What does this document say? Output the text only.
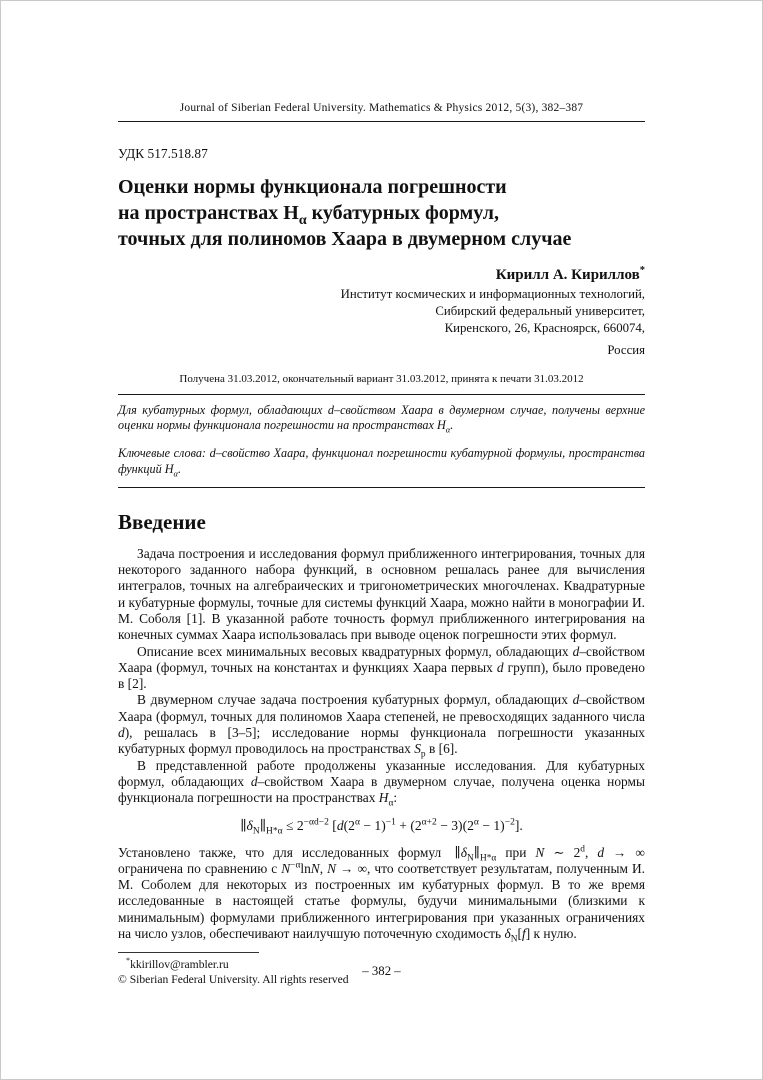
Journal of Siberian Federal University. Mathematics & Physics 2012, 5(3), 382–387
УДК 517.518.87
Оценки нормы функционала погрешности
на пространствах $H_\alpha$ кубатурных формул,
точных для полиномов Хаара в двумерном случае
Кирилл А. Кириллов*
Институт космических и информационных технологий,
Сибирский федеральный университет,
Киренского, 26, Красноярск, 660074,
Россия
Получена 31.03.2012, окончательный вариант 31.03.2012, принята к печати 31.03.2012
Для кубатурных формул, обладающих d–свойством Хаара в двумерном случае, получены верхние оценки нормы функционала погрешности на пространствах $H_\alpha$.
Ключевые слова: d–свойство Хаара, функционал погрешности кубатурной формулы, пространства функций $H_\alpha$.
Введение

Задача построения и исследования формул приближенного интегрирования, точных для некоторого заданного набора функций, в основном решалась ранее для вычисления интегралов, точных на алгебраических и тригонометрических многочленах. Квадратурные и кубатурные формулы, точные для системы функций Хаара, можно найти в монографии И. М. Соболя [1]. В указанной работе точность формул приближенного интегрирования на конечных суммах Хаара использовалась при выводе оценок погрешности этих формул.

Описание всех минимальных весовых квадратурных формул, обладающих d–свойством Хаара (формул, точных на константах и функциях Хаара первых d групп), было проведено в [2].

В двумерном случае задача построения кубатурных формул, обладающих d–свойством Хаара (формул, точных для полиномов Хаара степеней, не превосходящих заданного числа d), решалась в [3–5]; исследование нормы функционала погрешности указанных кубатурных формул проводилось на пространствах $S_p$ в [6].

В представленной работе продолжены указанные исследования. Для кубатурных формул, обладающих d–свойством Хаара в двумерном случае, получена оценка нормы функционала погрешности на пространствах $H_\alpha$:

$\parallel\delta_N\parallel_{H*\alpha} \le 2^{-\alpha d-2}$ $[d(2^\alpha - 1)^{-1} + (2^{\alpha+2} - 3)(2^\alpha - 1)^{-2}]$.

Установлено также, что для исследованных формул  $\parallel\delta_N\parallel_{H*\alpha}$ при N ∼ 2$^d$, d → ∞ ограничена по сравнению с $N^{-\alpha}\ln N$, N → ∞, что соответствует результатам, полученным И. М. Соболем для некоторых из построенных им кубатурных формул. В то же время исследованные в настоящей статье формулы, будучи минимальными (близкими к минимальным) формулами приближенного интегрирования при указанных ограничениях на число узлов, обеспечивают наилучшую поточечную сходимость $\delta_N[f]$ к нулю.

*kkirillov@rambler.ru
© Siberian Federal University. All rights reserved
– 382 –
